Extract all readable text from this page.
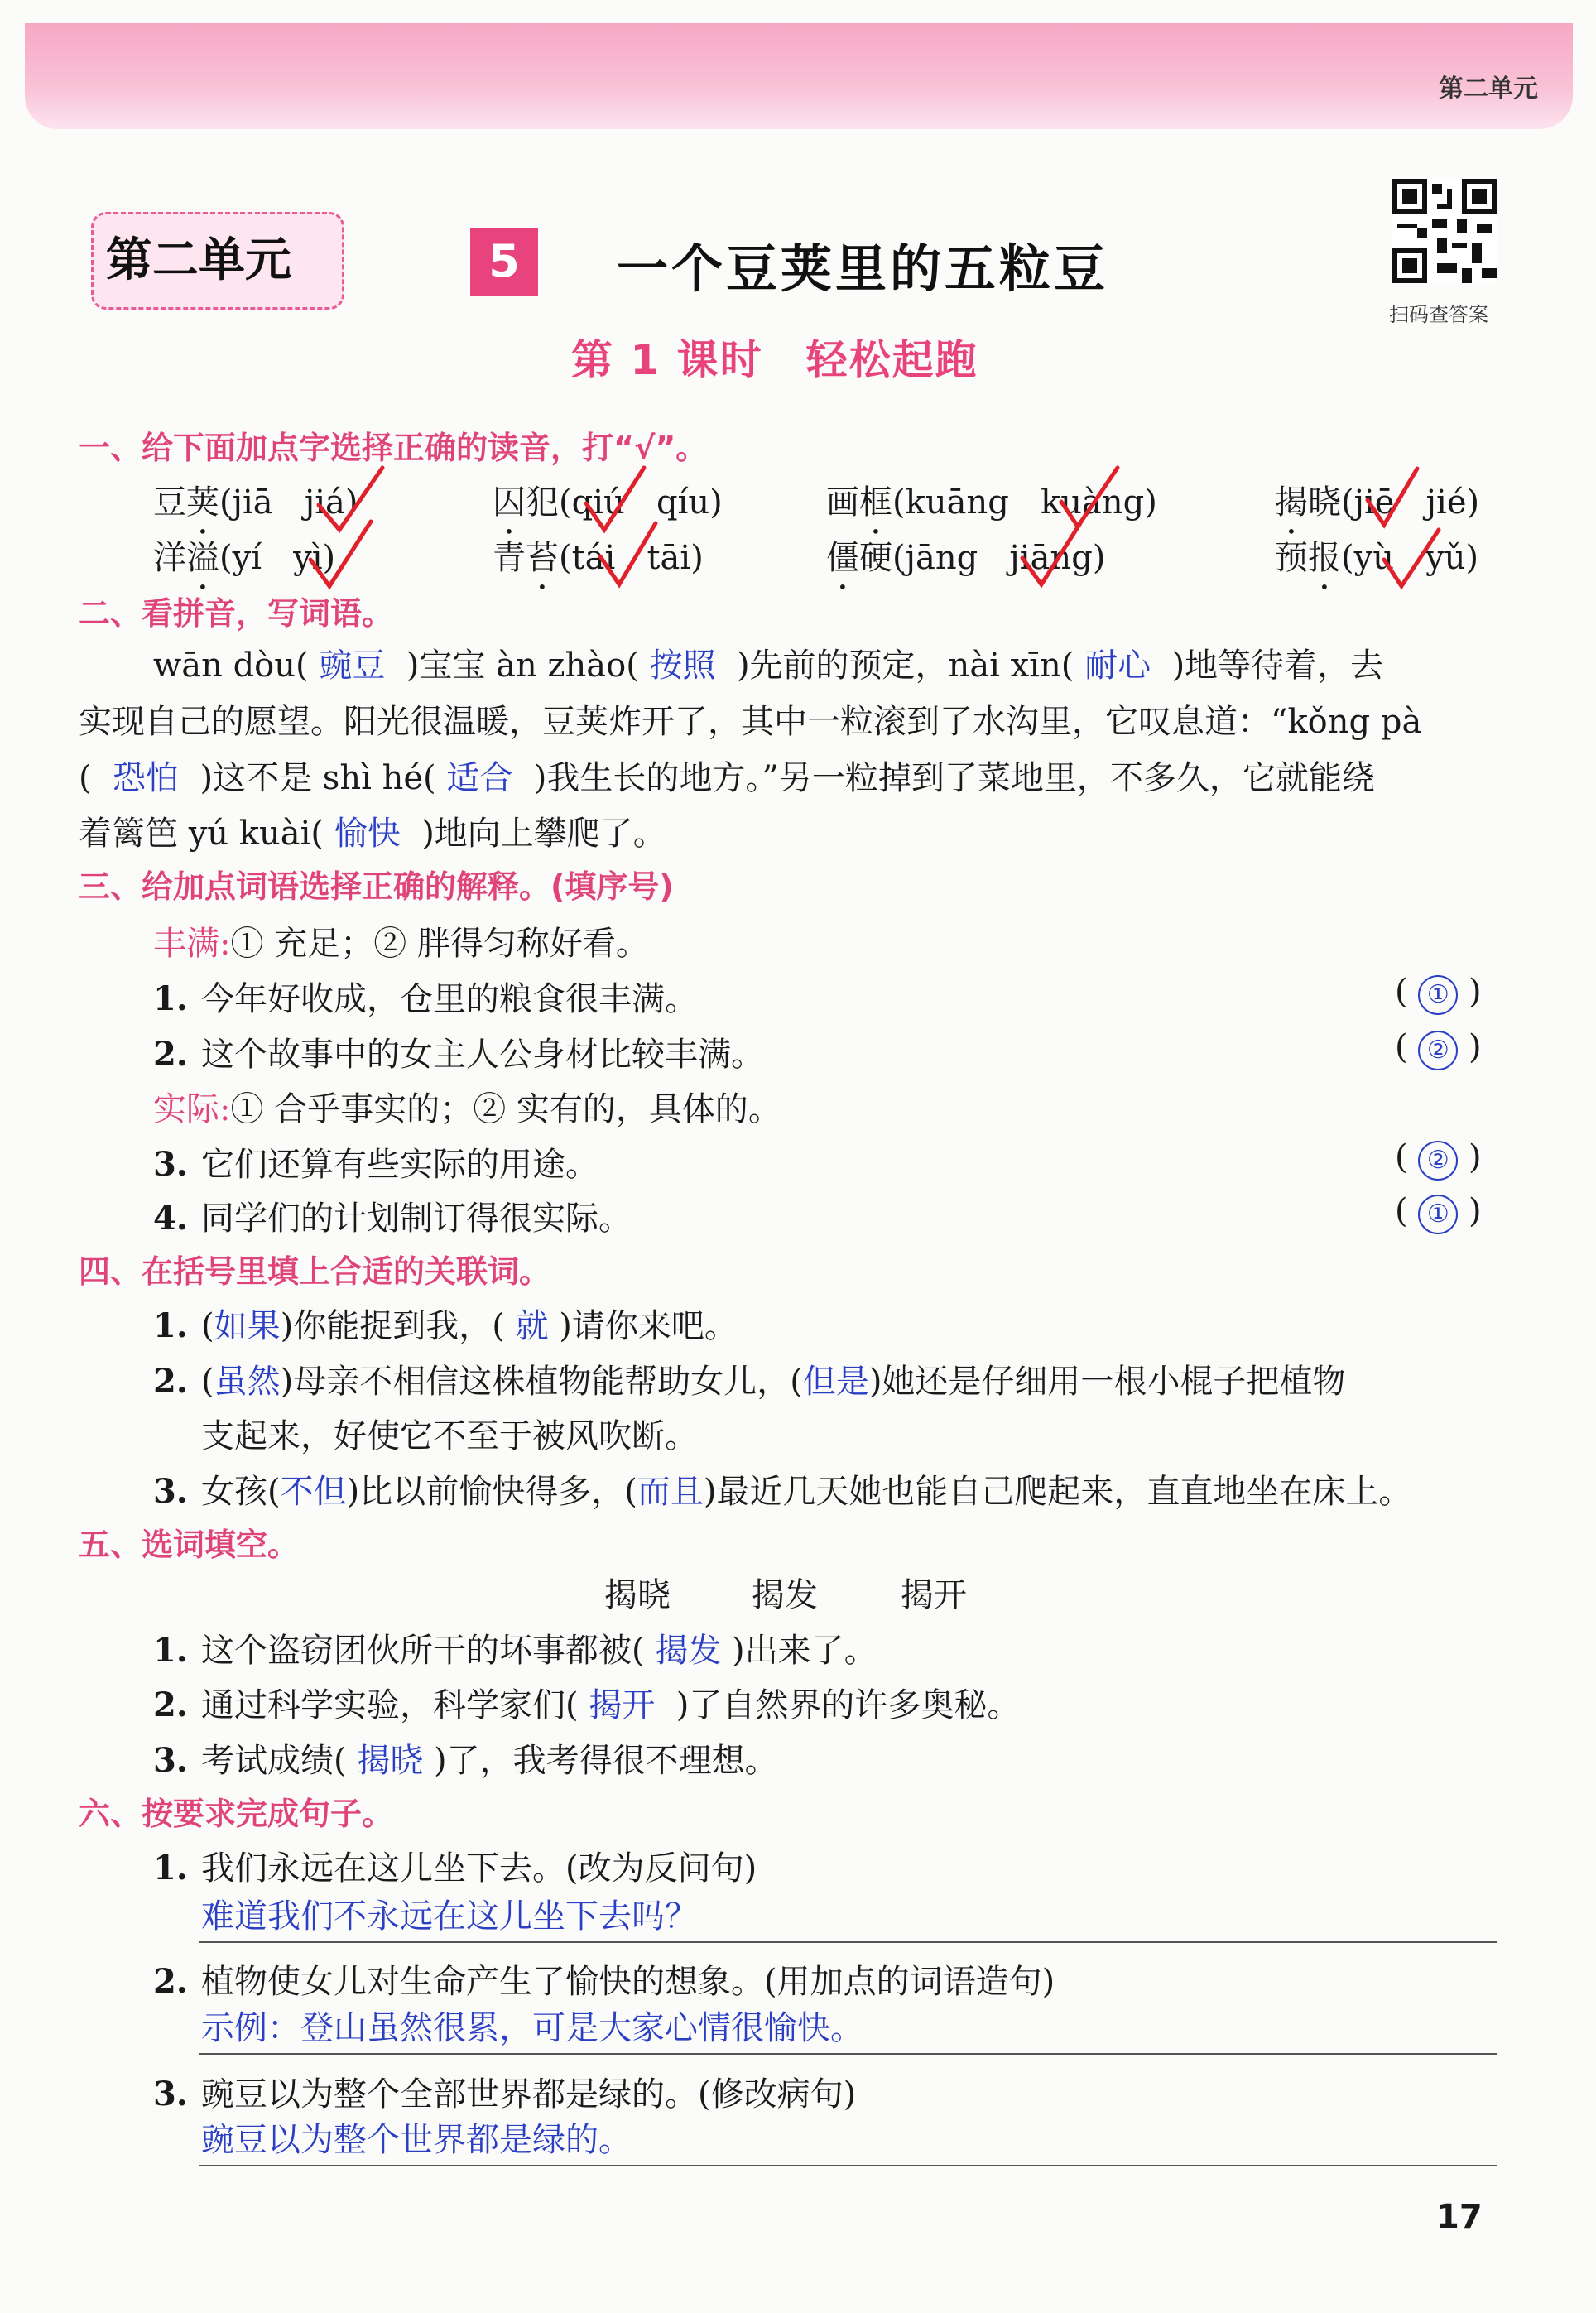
第二单元
第二单元	5	一个豆荚里的五粒豆
扫码查答案
第 1 课时　轻松起跑
一、给下面加点字选择正确的读音，打“√”。
豆荚(jiā jiá)	囚犯(qiú qíu)	画框(kuāng kuàng)	揭晓(jiē jié)
洋溢(yí yì)	青苔(tái tāi)	僵硬(jāng jiāng)	预报(yù yǔ)
二、看拼音，写词语。
wān dòu( 豌豆 )宝宝 àn zhào( 按照 )先前的预定，nài xīn( 耐心 )地等待着，去
实现自己的愿望。阳光很温暖，豆荚炸开了，其中一粒滚到了水沟里，它叹息道：“kǒng pà
( 恐怕 )这不是 shì hé( 适合 )我生长的地方。”另一粒掉到了菜地里，不多久，它就能绕
着篱笆 yú kuài( 愉快 )地向上攀爬了。
三、给加点词语选择正确的解释。(填序号)
丰满:① 充足；② 胖得匀称好看。
1. 今年好收成，仓里的粮食很丰满。	( ① )
2. 这个故事中的女主人公身材比较丰满。	( ② )
实际:① 合乎事实的；② 实有的，具体的。
3. 它们还算有些实际的用途。	( ② )
4. 同学们的计划制订得很实际。	( ① )
四、在括号里填上合适的关联词。
1. (如果)你能捉到我，( 就 )请你来吧。
2. (虽然)母亲不相信这株植物能帮助女儿，(但是)她还是仔细用一根小棍子把植物
支起来，好使它不至于被风吹断。
3. 女孩(不但)比以前愉快得多，(而且)最近几天她也能自己爬起来，直直地坐在床上。
五、选词填空。
揭晓 揭发	揭开
1. 这个盗窃团伙所干的坏事都被( 揭发 )出来了。
2. 通过科学实验，科学家们( 揭开 )了自然界的许多奥秘。
3. 考试成绩( 揭晓 )了，我考得很不理想。
六、按要求完成句子。
1. 我们永远在这儿坐下去。(改为反问句)
难道我们不永远在这儿坐下去吗？
2. 植物使女儿对生命产生了愉快的想象。(用加点的词语造句)
示例：登山虽然很累，可是大家心情很愉快。
3. 豌豆以为整个全部世界都是绿的。(修改病句)
豌豆以为整个世界都是绿的。
17
